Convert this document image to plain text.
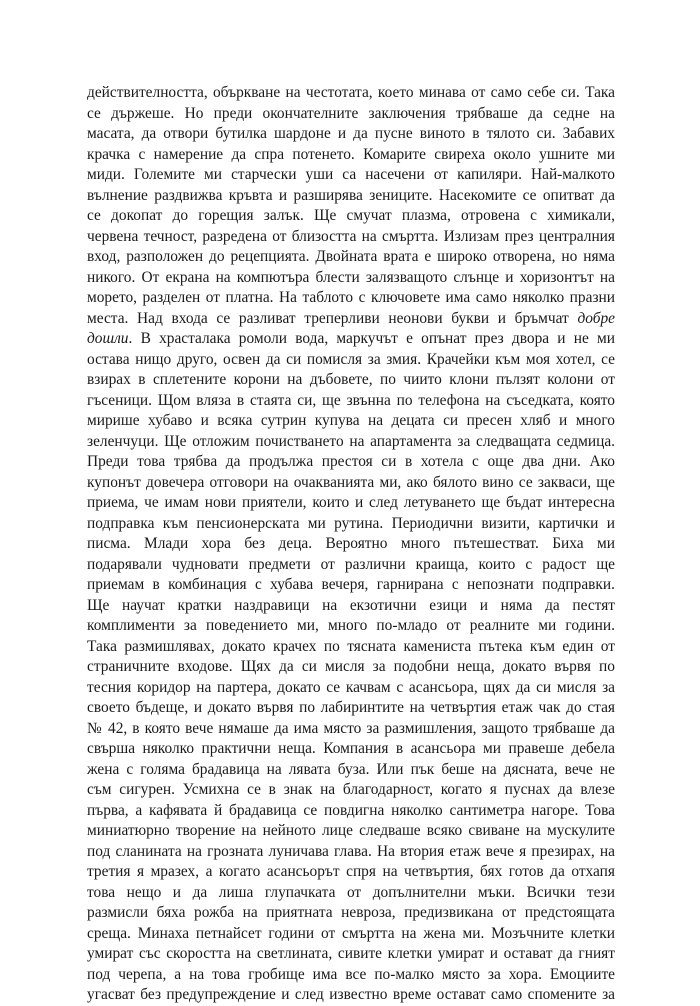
действителността, объркване на честотата, което минава от само себе си. Така
се държеше. Но преди окончателните заключения трябваше да седне на
масата, да отвори бутилка шардоне и да пусне виното в тялото си. Забавих
крачка с намерение да спра потенето. Комарите свиреха около ушните ми
миди. Големите ми старчески уши са насечени от капиляри. Най-малкото
вълнение раздвижва кръвта и разширява зениците. Насекомите се опитват да
се докопат до горещия залък. Ще смучат плазма, отровена с химикали,
червена течност, разредена от близостта на смъртта. Излизам през централния
вход, разположен до рецепцията. Двойната врата е широко отворена, но няма
никого. От екрана на компютъра блести залязващото слънце и хоризонтът на
морето, разделен от платна. На таблото с ключовете има само няколко празни
места. Над входа се разливат треперливи неонови букви и бръмчат добре
дошли. В храсталака ромоли вода, маркучът е опънат през двора и не ми
остава нищо друго, освен да си помисля за змия. Крачейки към моя хотел, се
взирах в сплетените корони на дъбовете, по чиито клони пълзят колони от
гъсеници. Щом вляза в стаята си, ще звънна по телефона на съседката, която
мирише хубаво и всяка сутрин купува на децата си пресен хляб и много
зеленчуци. Ще отложим почистването на апартамента за следващата седмица.
Преди това трябва да продължа престоя си в хотела с още два дни. Ако
купонът довечера отговори на очакванията ми, ако бялото вино се закваси, ще
приема, че имам нови приятели, които и след летуването ще бъдат интересна
подправка към пенсионерската ми рутина. Периодични визити, картички и
писма. Млади хора без деца. Вероятно много пътешестват. Биха ми
подарявали чудновати предмети от различни краища, които с радост ще
приемам в комбинация с хубава вечеря, гарнирана с непознати подправки.
Ще научат кратки наздравици на екзотични езици и няма да пестят
комплименти за поведението ми, много по-младо от реалните ми години.
Така размишлявах, докато крачех по тясната камениста пътека към един от
страничните входове. Щях да си мисля за подобни неща, докато вървя по
тесния коридор на партера, докато се качвам с асансьора, щях да си мисля за
своето бъдеще, и докато вървя по лабиринтите на четвъртия етаж чак до стая
№ 42, в която вече нямаше да има място за размишления, защото трябваше да
свърша няколко практични неща. Компания в асансьора ми правеше дебела
жена с голяма брадавица на лявата буза. Или пък беше на дясната, вече не
съм сигурен. Усмихна се в знак на благодарност, когато я пуснах да влезе
първа, а кафявата й брадавица се повдигна няколко сантиметра нагоре. Това
миниатюрно творение на нейното лице следваше всяко свиване на мускулите
под сланината на грозната луничава глава. На втория етаж вече я презирах, на
третия я мразех, а когато асансьорът спря на четвъртия, бях готов да отхапя
това нещо и да лиша глупачката от допълнителни мъки. Всички тези
размисли бяха рожба на приятната невроза, предизвикана от предстоящата
среща. Минаха петнайсет години от смъртта на жена ми. Мозъчните клетки
умират със скоростта на светлината, сивите клетки умират и остават да гният
под черепа, а на това гробище има все по-малко място за хора. Емоциите
угасват без предупреждение и след известно време остават само спомените за
